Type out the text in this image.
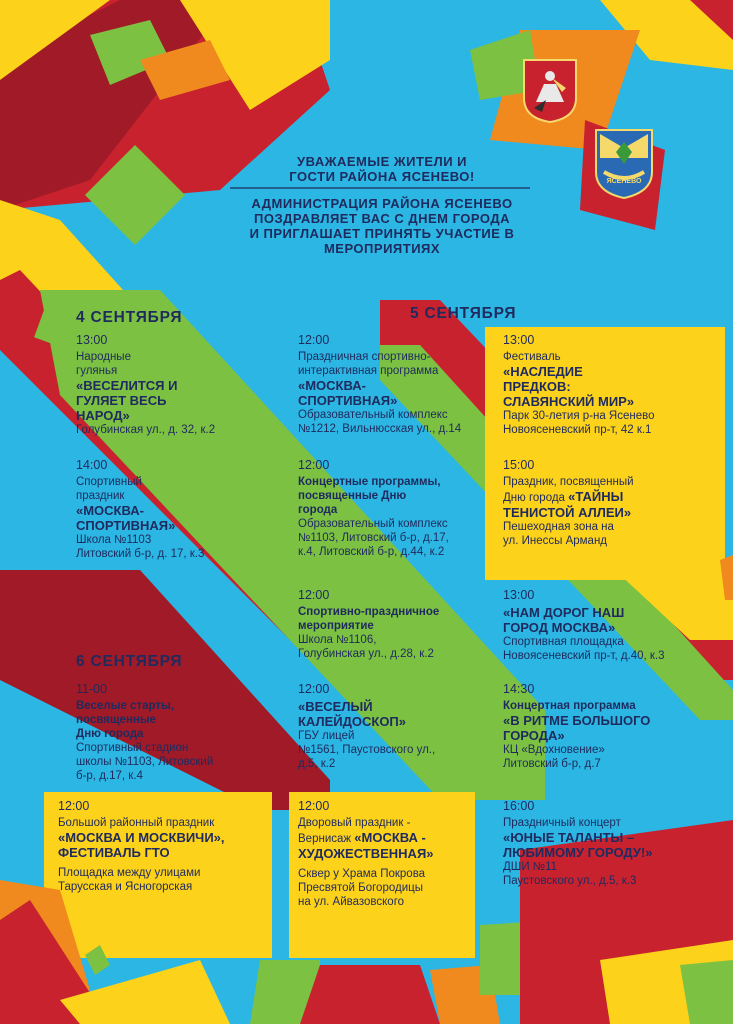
ЯСЕНЕВО
УВАЖАЕМЫЕ ЖИТЕЛИ И
ГОСТИ РАЙОНА ЯСЕНЕВО!
АДМИНИСТРАЦИЯ РАЙОНА ЯСЕНЕВО
ПОЗДРАВЛЯЕТ ВАС С ДНЕМ ГОРОДА
И ПРИГЛАШАЕТ ПРИНЯТЬ УЧАСТИЕ В
МЕРОПРИЯТИЯХ
4 СЕНТЯБРЯ	5 СЕНТЯБРЯ
6 СЕНТЯБРЯ
13:00
Народные
гулянья
«ВЕСЕЛИТСЯ И
ГУЛЯЕТ ВЕСЬ
НАРОД»
Голубинская ул., д. 32, к.2
14:00
Спортивный
праздник
«МОСКВА-
СПОРТИВНАЯ»
Школа №1103
Литовский б-р, д. 17, к.3
12:00
Праздничная спортивно-
интерактивная программа
«МОСКВА-
СПОРТИВНАЯ»
Образовательный комплекс
№1212, Вильнюсская ул., д.14
12:00
Концертные программы,
посвященные Дню
города
Образовательный комплекс
№1103, Литовский б-р, д.17,
к.4, Литовский б-р, д.44, к.2
12:00
Спортивно-праздничное
мероприятие
Школа №1106,
Голубинская ул., д.28, к.2
12:00
«ВЕСЕЛЫЙ
КАЛЕЙДОСКОП»
ГБУ лицей
№1561, Паустовского ул.,
д.5, к.2
13:00
Фестиваль
«НАСЛЕДИЕ
ПРЕДКОВ:
СЛАВЯНСКИЙ МИР»
Парк 30-летия р-на Ясенево
Новоясеневский пр-т, 42 к.1
15:00
Праздник, посвященный
Дню города «ТАЙНЫ
ТЕНИСТОЙ АЛЛЕИ»
Пешеходная зона на
ул. Инессы Арманд
13:00
«НАМ ДОРОГ НАШ
ГОРОД МОСКВА»
Спортивная площадка
Новоясеневский пр-т, д.40, к.3
14:30
Концертная программа
«В РИТМЕ БОЛЬШОГО
ГОРОДА»
КЦ «Вдохновение»
Литовский б-р, д.7
16:00
Праздничный концерт
«ЮНЫЕ ТАЛАНТЫ –
ЛЮБИМОМУ ГОРОДУ!»
ДШИ №11
Паустовского ул., д.5, к.3
11-00
Веселые старты,
посвященные
Дню города
Спортивный стадион
школы №1103, Литовский
б-р, д.17, к.4
12:00
Большой районный праздник
«МОСКВА И МОСКВИЧИ»,
ФЕСТИВАЛЬ ГТО
Площадка между улицами
Тарусская и Ясногорская
12:00
Дворовый праздник -
Вернисаж «МОСКВА -
ХУДОЖЕСТВЕННАЯ»
Сквер у Храма Покрова
Пресвятой Богородицы
на ул. Айвазовского
